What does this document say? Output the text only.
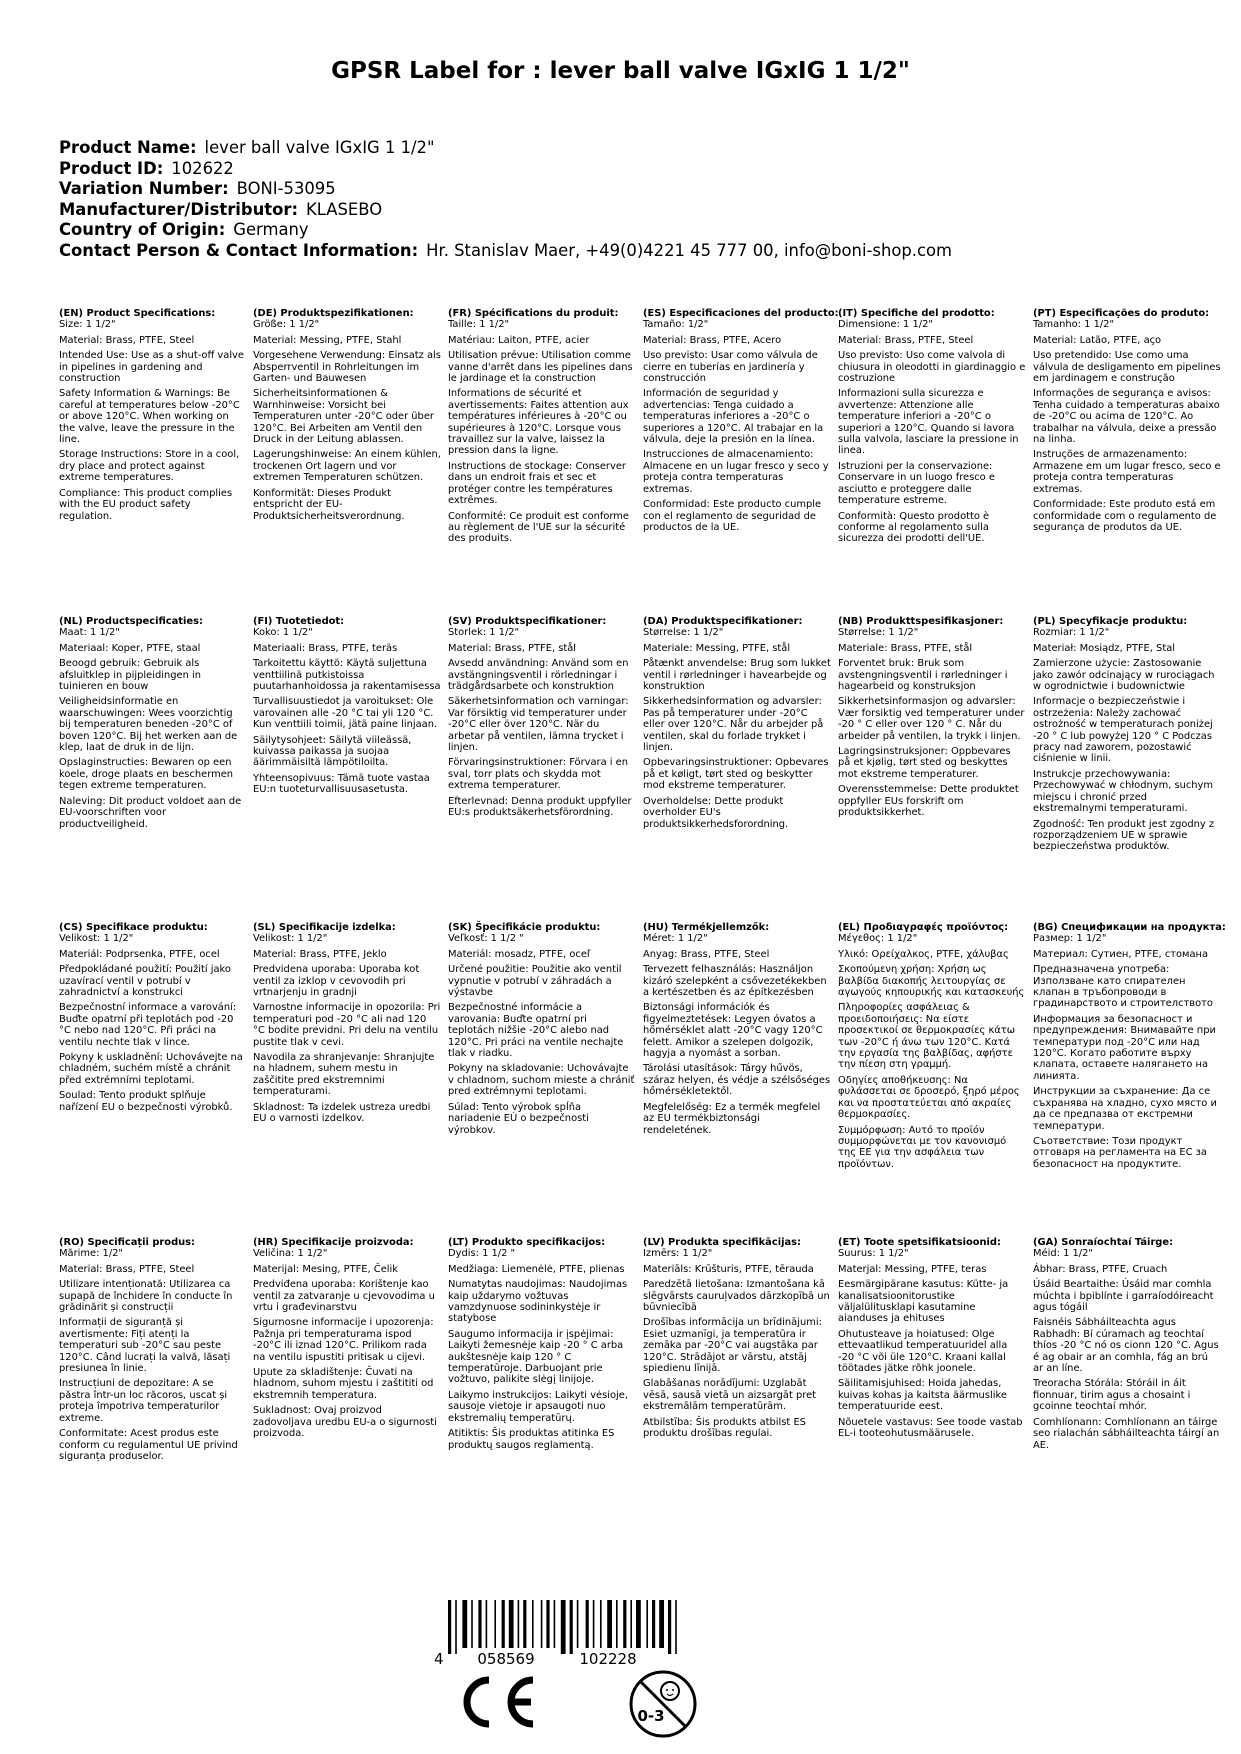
GPSR Label for : lever ball valve IGxIG 1 1/2"
Product Name: lever ball valve IGxIG 1 1/2"
Product ID: 102622
Variation Number: BONI-53095
Manufacturer/Distributor: KLASEBO
Country of Origin: Germany
Contact Person & Contact Information: Hr. Stanislav Maer, +49(0)4221 45 777 00, info@boni-shop.com
(EN) Product Specifications:
Size: 1 1/2"
Material: Brass, PTFE, Steel
Intended Use: Use as a shut-off valve in pipelines in gardening and construction
Safety Information & Warnings: Be careful at temperatures below -20°C or above 120°C. When working on the valve, leave the pressure in the line.
Storage Instructions: Store in a cool, dry place and protect against extreme temperatures.
Compliance: This product complies with the EU product safety regulation.
(DE) Produktspezifikationen:
Größe: 1 1/2"
Material: Messing, PTFE, Stahl
Vorgesehene Verwendung: Einsatz als Absperrventil in Rohrleitungen im Garten- und Bauwesen
Sicherheitsinformationen & Warnhinweise: Vorsicht bei Temperaturen unter -20°C oder über 120°C. Bei Arbeiten am Ventil den Druck in der Leitung ablassen.
Lagerungshinweise: An einem kühlen, trockenen Ort lagern und vor extremen Temperaturen schützen.
Konformität: Dieses Produkt entspricht der EU-Produktsicherheitsverordnung.
(FR) Spécifications du produit:
Taille: 1 1/2"
Matériau: Laiton, PTFE, acier
Utilisation prévue: Utilisation comme vanne d'arrêt dans les pipelines dans le jardinage et la construction
Informations de sécurité et avertissements: Faites attention aux températures inférieures à -20°C ou supérieures à 120°C. Lorsque vous travaillez sur la valve, laissez la pression dans la ligne.
Instructions de stockage: Conserver dans un endroit frais et sec et protéger contre les températures extrêmes.
Conformité: Ce produit est conforme au règlement de l'UE sur la sécurité des produits.
(ES) Especificaciones del producto:
Tamaño: 1/2"
Material: Brass, PTFE, Acero
Uso previsto: Usar como válvula de cierre en tuberías en jardinería y construcción
Información de seguridad y advertencias: Tenga cuidado a temperaturas inferiores a -20°C o superiores a 120°C. Al trabajar en la válvula, deje la presión en la línea.
Instrucciones de almacenamiento: Almacene en un lugar fresco y seco y proteja contra temperaturas extremas.
Conformidad: Este producto cumple con el reglamento de seguridad de productos de la UE.
(IT) Specifiche del prodotto:
Dimensione: 1 1/2"
Material: Brass, PTFE, Steel
Uso previsto: Uso come valvola di chiusura in oleodotti in giardinaggio e costruzione
Informazioni sulla sicurezza e avvertenze: Attenzione alle temperature inferiori a -20°C o superiori a 120°C. Quando si lavora sulla valvola, lasciare la pressione in linea.
Istruzioni per la conservazione: Conservare in un luogo fresco e asciutto e proteggere dalle temperature estreme.
Conformità: Questo prodotto è conforme al regolamento sulla sicurezza dei prodotti dell'UE.
(PT) Especificações do produto:
Tamanho: 1 1/2"
Material: Latão, PTFE, aço
Uso pretendido: Use como uma válvula de desligamento em pipelines em jardinagem e construção
Informações de segurança e avisos: Tenha cuidado a temperaturas abaixo de -20°C ou acima de 120°C. Ao trabalhar na válvula, deixe a pressão na linha.
Instruções de armazenamento: Armazene em um lugar fresco, seco e proteja contra temperaturas extremas.
Conformidade: Este produto está em conformidade com o regulamento de segurança de produtos da UE.
(NL) Productspecificaties:
Maat: 1 1/2"
Materiaal: Koper, PTFE, staal
Beoogd gebruik: Gebruik als afsluitklep in pijpleidingen in tuinieren en bouw
Veiligheidsinformatie en waarschuwingen: Wees voorzichtig bij temperaturen beneden -20°C of boven 120°C. Bij het werken aan de klep, laat de druk in de lijn.
Opslaginstructies: Bewaren op een koele, droge plaats en beschermen tegen extreme temperaturen.
Naleving: Dit product voldoet aan de EU-voorschriften voor productveiligheid.
(FI) Tuotetiedot:
Koko: 1 1/2"
Materiaali: Brass, PTFE, teräs
Tarkoitettu käyttö: Käytä suljettuna venttiilinä putkistoissa puutarhanhoidossa ja rakentamisessa
Turvallisuustiedot ja varoitukset: Ole varovainen alle -20 °C tai yli 120 °C. Kun venttiili toimii, jätä paine linjaan.
Säilytysohjeet: Säilytä viileässä, kuivassa paikassa ja suojaa äärimmäisiltä lämpötiloilta.
Yhteensopivuus: Tämä tuote vastaa EU:n tuoteturvallisuusasetusta.
(SV) Produktspecifikationer:
Storlek: 1 1/2"
Material: Brass, PTFE, stål
Avsedd användning: Använd som en avstängningsventil i rörledningar i trädgårdsarbete och konstruktion
Säkerhetsinformation och varningar: Var försiktig vid temperaturer under -20°C eller över 120°C. När du arbetar på ventilen, lämna trycket i linjen.
Förvaringsinstruktioner: Förvara i en sval, torr plats och skydda mot extrema temperaturer.
Efterlevnad: Denna produkt uppfyller EU:s produktsäkerhetsförordning.
(DA) Produktspecifikationer:
Størrelse: 1 1/2"
Materiale: Messing, PTFE, stål
Påtænkt anvendelse: Brug som lukket ventil i rørledninger i havearbejde og konstruktion
Sikkerhedsinformation og advarsler: Pas på temperaturer under -20°C eller over 120°C. Når du arbejder på ventilen, skal du forlade trykket i linjen.
Opbevaringsinstruktioner: Opbevares på et køligt, tørt sted og beskytter mod ekstreme temperaturer.
Overholdelse: Dette produkt overholder EU's produktsikkerhedsforordning.
(NB) Produkttspesifikasjoner:
Størrelse: 1 1/2"
Materiale: Brass, PTFE, stål
Forventet bruk: Bruk som avstengningsventil i rørledninger i hagearbeid og konstruksjon
Sikkerhetsinformasjon og advarsler: Vær forsiktig ved temperaturer under -20 ° C eller over 120 ° C. Når du arbeider på ventilen, la trykk i linjen.
Lagringsinstruksjoner: Oppbevares på et kjølig, tørt sted og beskyttes mot ekstreme temperaturer.
Overensstemmelse: Dette produktet oppfyller EUs forskrift om produktsikkerhet.
(PL) Specyfikacje produktu:
Rozmiar: 1 1/2"
Materiał: Mosiądz, PTFE, Stal
Zamierzone użycie: Zastosowanie jako zawór odcinający w rurociągach w ogrodnictwie i budownictwie
Informacje o bezpieczeństwie i ostrzeżenia: Należy zachować ostrożność w temperaturach poniżej -20 ° C lub powyżej 120 ° C Podczas pracy nad zaworem, pozostawić ciśnienie w linii.
Instrukcje przechowywania: Przechowywać w chłodnym, suchym miejscu i chronić przed ekstremalnymi temperaturami.
Zgodność: Ten produkt jest zgodny z rozporządzeniem UE w sprawie bezpieczeństwa produktów.
(CS) Specifikace produktu:
Velikost: 1 1/2"
Materiál: Podprsenka, PTFE, ocel
Předpokládané použití: Použití jako uzavírací ventil v potrubí v zahradnictví a konstrukci
Bezpečnostní informace a varování: Buďte opatrní při teplotách pod -20 °C nebo nad 120°C. Při práci na ventilu nechte tlak v lince.
Pokyny k uskladnění: Uchovávejte na chladném, suchém místě a chránit před extrémními teplotami.
Soulad: Tento produkt splňuje nařízení EU o bezpečnosti výrobků.
(SL) Specifikacije izdelka:
Velikost: 1 1/2"
Material: Brass, PTFE, Jeklo
Predvidena uporaba: Uporaba kot ventil za izklop v cevovodih pri vrtnarjenju in gradnji
Varnostne informacije in opozorila: Pri temperaturi pod -20 °C ali nad 120 °C bodite previdni. Pri delu na ventilu pustite tlak v cevi.
Navodila za shranjevanje: Shranjujte na hladnem, suhem mestu in zaščitite pred ekstremnimi temperaturami.
Skladnost: Ta izdelek ustreza uredbi EU o varnosti izdelkov.
(SK) Špecifikácie produktu:
Veľkosť: 1 1/2 "
Materiál: mosadz, PTFE, oceľ
Určené použitie: Použitie ako ventil vypnutie v potrubí v záhradách a výstavbe
Bezpečnostné informácie a varovania: Buďte opatrní pri teplotách nižšie -20°C alebo nad 120°C. Pri práci na ventile nechajte tlak v riadku.
Pokyny na skladovanie: Uchovávajte v chladnom, suchom mieste a chrániť pred extrémnymi teplotami.
Súlad: Tento výrobok spĺňa nariadenie EÚ o bezpečnosti výrobkov.
(HU) Termékjellemzők:
Méret: 1 1/2"
Anyag: Brass, PTFE, Steel
Tervezett felhasználás: Használjon kizáró szelepként a csővezetékekben a kertészetben és az építkezésben
Biztonsági információk és figyelmeztetések: Legyen óvatos a hőmérséklet alatt -20°C vagy 120°C felett. Amikor a szelepen dolgozik, hagyja a nyomást a sorban.
Tárolási utasítások: Tárgy hűvös, száraz helyen, és védje a szélsőséges hőmérsékletektől.
Megfelelőség: Ez a termék megfelel az EU termékbiztonsági rendeletének.
(EL) Προδιαγραφές προϊόντος:
Μέγεθος: 1 1/2"
Υλικό: Ορείχαλκος, PTFE, χάλυβας
Σκοπούμενη χρήση: Χρήση ως βαλβίδα διακοπής λειτουργίας σε αγωγούς κηπουρικής και κατασκευής
Πληροφορίες ασφάλειας & προειδοποιήσεις: Να είστε προσεκτικοί σε θερμοκρασίες κάτω των -20°C ή άνω των 120°C. Κατά την εργασία της βαλβίδας, αφήστε την πίεση στη γραμμή.
Οδηγίες αποθήκευσης: Να φυλάσσεται σε δροσερό, ξηρό μέρος και να προστατεύεται από ακραίες θερμοκρασίες.
Συμμόρφωση: Αυτό το προϊόν συμμορφώνεται με τον κανονισμό της ΕΕ για την ασφάλεια των προϊόντων.
(BG) Спецификации на продукта:
Размер: 1 1/2"
Материал: Сутиен, PTFE, стомана
Предназначена употреба: Използване като спирателен клапан в тръбопроводи в градинарството и строителството
Информация за безопасност и предупреждения: Внимавайте при температури под -20°C или над 120°C. Когато работите върху клапата, оставете налягането на линията.
Инструкции за съхранение: Да се съхранява на хладно, сухо място и да се предпазва от екстремни температури.
Съответствие: Този продукт отговаря на регламента на ЕС за безопасност на продуктите.
(RO) Specificații produs:
Mărime: 1/2"
Material: Brass, PTFE, Steel
Utilizare intenționată: Utilizarea ca supapă de închidere în conducte în grădinărit și construcții
Informații de siguranță și avertismente: Fiți atenți la temperaturi sub -20°C sau peste 120°C. Când lucrați la valvă, lăsați presiunea în linie.
Instrucțiuni de depozitare: A se păstra într-un loc răcoros, uscat și proteja împotriva temperaturilor extreme.
Conformitate: Acest produs este conform cu regulamentul UE privind siguranța produselor.
(HR) Specifikacije proizvoda:
Veličina: 1 1/2"
Materijal: Mesing, PTFE, Čelik
Predviđena uporaba: Korištenje kao ventil za zatvaranje u cjevovodima u vrtu i građevinarstvu
Sigurnosne informacije i upozorenja: Pažnja pri temperaturama ispod -20°C ili iznad 120°C. Prilikom rada na ventilu ispustiti pritisak u cijevi.
Upute za skladištenje: Čuvati na hladnom, suhom mjestu i zaštititi od ekstremnih temperatura.
Sukladnost: Ovaj proizvod zadovoljava uredbu EU-a o sigurnosti proizvoda.
(LT) Produkto specifikacijos:
Dydis: 1 1/2 "
Medžiaga: Liemenėlė, PTFE, plienas
Numatytas naudojimas: Naudojimas kaip uždarymo vožtuvas vamzdynuose sodininkystėje ir statybose
Saugumo informacija ir įspėjimai: Laikyti žemesnėje kaip -20 ° C arba aukštesnėje kaip 120 ° C temperatūroje. Darbuojant prie vožtuvo, palikite slėgį linijoje.
Laikymo instrukcijos: Laikyti vėsioje, sausoje vietoje ir apsaugoti nuo ekstremalių temperatūrų.
Atitiktis: Šis produktas atitinka ES produktų saugos reglamentą.
(LV) Produkta specifikācijas:
Izmērs: 1 1/2"
Materiāls: Krūšturis, PTFE, tērauda
Paredzētā lietošana: Izmantošana kā slēgvārsts cauruļvados dārzkopībā un būvniecībā
Drošības informācija un brīdinājumi: Esiet uzmanīgi, ja temperatūra ir zemāka par -20°C vai augstāka par 120°C. Strādājot ar vārstu, atstāj spiedienu līnijā.
Glabāšanas norādījumi: Uzglabāt vēsā, sausā vietā un aizsargāt pret ekstremālām temperatūrām.
Atbilstība: Šis produkts atbilst ES produktu drošības regulai.
(ET) Toote spetsifikatsioonid:
Suurus: 1 1/2"
Materjal: Messing, PTFE, teras
Eesmärgipärane kasutus: Kütte- ja kanalisatsioonitorustike väljalülitusklapi kasutamine aianduses ja ehituses
Ohutusteave ja hoiatused: Olge ettevaatlikud temperatuuridel alla -20 °C või üle 120°C. Kraani kallal töötades jätke rõhk joonele.
Säilitamisjuhised: Hoida jahedas, kuivas kohas ja kaitsta äärmuslike temperatuuride eest.
Nõuetele vastavus: See toode vastab EL-i tooteohutusmäärusele.
(GA) Sonraíochtaí Táirge:
Méid: 1 1/2"
Ábhar: Brass, PTFE, Cruach
Úsáid Beartaithe: Úsáid mar comhla múchta i bpiblínte i garraíodóireacht agus tógáil
Faisnéis Sábháilteachta agus Rabhadh: Bí cúramach ag teochtaí thíos -20 °C nó os cionn 120 °C. Agus é ag obair ar an comhla, fág an brú ar an líne.
Treoracha Stórála: Stóráil in áit fionnuar, tirim agus a chosaint i gcoinne teochtaí mhór.
Comhlíonann: Comhlíonann an táirge seo rialachán sábháilteachta táirgí an AE.
4 058569	102228
0-3
